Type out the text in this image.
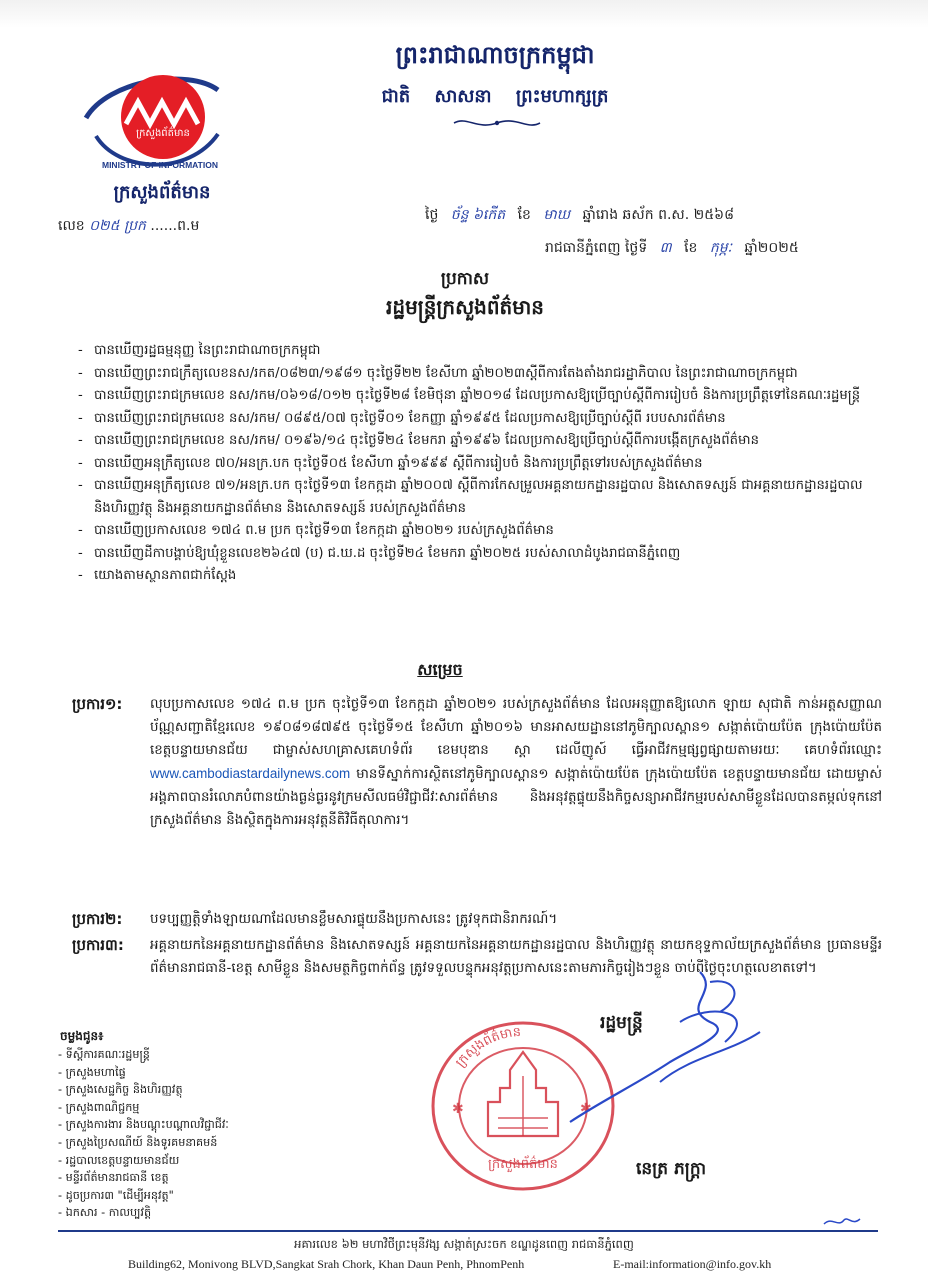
ក្រសួងព័ត៌មាន
MINISTRY OF INFORMATION
ក្រសួងព័ត៌មាន
លេខ ០២៥ ប្រក ......ព.ម
ព្រះរាជាណាចក្រកម្ពុជា
ជាតិ សាសនា ព្រះមហាក្សត្រ
ថ្ងៃ ច័ន្ទ ៦កើត ខែ មាឃ ឆ្នាំរោង ឆស័ក ព.ស. ២៥៦៨
រាជធានីភ្នំពេញ ថ្ងៃទី ៣ ខែ កុម្ភៈ ឆ្នាំ២០២៥
ប្រកាស
រដ្ឋមន្ត្រីក្រសួងព័ត៌មាន
- បានឃើញរដ្ឋធម្មនុញ្ញ នៃព្រះរាជាណាចក្រកម្ពុជា
- បានឃើញព្រះរាជក្រឹត្យលេខនស/រកត/០៨២៣/១៩៨១ ចុះថ្ងៃទី២២ ខែសីហា ឆ្នាំ២០២៣ស្តីពីការតែងតាំងរាជរដ្ឋាភិបាល នៃព្រះរាជាណាចក្រកម្ពុជា
- បានឃើញព្រះរាជក្រមលេខ នស/រកម/០៦១៨/០១២ ចុះថ្ងៃទី២៨ ខែមិថុនា ឆ្នាំ២០១៨ ដែលប្រកាសឱ្យប្រើច្បាប់ស្តីពីការរៀបចំ និងការប្រព្រឹត្តទៅនៃគណៈរដ្ឋមន្ត្រី
- បានឃើញព្រះរាជក្រមលេខ នស/រកម/ ០៨៩៥/០៧ ចុះថ្ងៃទី០១ ខែកញ្ញា ឆ្នាំ១៩៩៥ ដែលប្រកាសឱ្យប្រើច្បាប់ស្តីពី របបសារព័ត៌មាន
- បានឃើញព្រះរាជក្រមលេខ នស/រកម/ ០១៩៦/១៤ ចុះថ្ងៃទី២៤ ខែមករា ឆ្នាំ១៩៩៦ ដែលប្រកាសឱ្យប្រើច្បាប់ស្តីពីការបង្កើតក្រសួងព័ត៌មាន
- បានឃើញអនុក្រឹត្យលេខ ៧០/អនក្រ.បក ចុះថ្ងៃទី០៥ ខែសីហា ឆ្នាំ១៩៩៩ ស្តីពីការរៀបចំ និងការប្រព្រឹត្តទៅរបស់ក្រសួងព័ត៌មាន
- បានឃើញអនុក្រឹត្យលេខ ៧១/អនក្រ.បក ចុះថ្ងៃទី១៣ ខែកក្កដា ឆ្នាំ២០០៧ ស្តីពីការកែសម្រួលអគ្គនាយកដ្ឋានរដ្ឋបាល និងសោតទស្សន៍ ជាអគ្គនាយកដ្ឋានរដ្ឋបាល និងហិរញ្ញវត្ថុ និងអគ្គនាយកដ្ឋានព័ត៌មាន និងសោតទស្សន៍ របស់ក្រសួងព័ត៌មាន
- បានឃើញប្រកាសលេខ ១៧៤ ព.ម ប្រក ចុះថ្ងៃទី១៣ ខែកក្កដា ឆ្នាំ២០២១ របស់ក្រសួងព័ត៌មាន
- បានឃើញដីកាបង្គាប់ឱ្យឃុំខ្លួនលេខ២៦៤៧ (ប) ជ.ឃ.ដ ចុះថ្ងៃទី២៤ ខែមករា ឆ្នាំ២០២៥ របស់សាលាដំបូងរាជធានីភ្នំពេញ
- យោងតាមស្ថានភាពជាក់ស្តែង
សម្រេច
ប្រការ១: លុបប្រកាសលេខ ១៧៤ ព.ម ប្រក ចុះថ្ងៃទី១៣ ខែកក្កដា ឆ្នាំ២០២១ របស់ក្រសួងព័ត៌មាន ដែលអនុញ្ញាតឱ្យលោក ឡាយ សុជាតិ កាន់អត្តសញ្ញាណប័ណ្ណសញ្ជាតិខ្មែរលេខ ១៩០៨១៨៧៩៥ ចុះថ្ងៃទី១៥ ខែសីហា ឆ្នាំ២០១៦ មានអាសយដ្ឋាននៅភូមិក្បាលស្ពាន១ សង្កាត់ប៉ោយប៉ែត ក្រុងប៉ោយប៉ែត ខេត្តបន្ទាយមានជ័យ ជាម្ចាស់សហគ្រាសគេហទំព័រ ខេមបុឌាន ស្តា ដេលីញូស៍ ធ្វើអាជីវកម្មផ្សព្វផ្សាយតាមរយៈ គេហទំព័រឈ្មោះ www.cambodiastardailynews.com មានទីស្នាក់ការស្ថិតនៅភូមិក្បាលស្ពាន១ សង្កាត់ប៉ោយប៉ែត ក្រុងប៉ោយប៉ែត ខេត្តបន្ទាយមានជ័យ ដោយម្ចាស់អង្គភាពបានរំលោភបំពានយ៉ាងធ្ងន់ធ្ងរនូវក្រមសីលធម៌វិជ្ជាជីវៈសារព័ត៌មាន និងអនុវត្តផ្ទុយនឹងកិច្ចសន្យាអាជីវកម្មរបស់សាមីខ្លួនដែលបានតម្កល់ទុកនៅក្រសួងព័ត៌មាន និងស្ថិតក្នុងការអនុវត្តនីតិវិធីតុលាការ។
ប្រការ២: បទប្បញ្ញត្តិទាំងឡាយណាដែលមានខ្លឹមសារផ្ទុយនឹងប្រកាសនេះ ត្រូវទុកជានិរាករណ៍។
ប្រការ៣: អគ្គនាយកនៃអគ្គនាយកដ្ឋានព័ត៌មាន និងសោតទស្សន៍ អគ្គនាយកនៃអគ្គនាយកដ្ឋានរដ្ឋបាល និងហិរញ្ញវត្ថុ នាយកខុទ្ទកាល័យក្រសួងព័ត៌មាន ប្រធានមន្ទីរព័ត៌មានរាជធានី-ខេត្ត សាមីខ្លួន និងសមត្ថកិច្ចពាក់ព័ន្ធ ត្រូវទទួលបន្ទុកអនុវត្តប្រកាសនេះតាមភារកិច្ចរៀងៗខ្លួន ចាប់ពីថ្ងៃចុះហត្ថលេខាតទៅ។
ចម្លងជូន៖
- ទីស្តីការគណៈរដ្ឋមន្ត្រី
- ក្រសួងមហាផ្ទៃ
- ក្រសួងសេដ្ឋកិច្ច និងហិរញ្ញវត្ថុ
- ក្រសួងពាណិជ្ជកម្ម
- ក្រសួងការងារ និងបណ្តុះបណ្តាលវិជ្ជាជីវៈ
- ក្រសួងប្រៃសណីយ៍ និងទូរគមនាគមន៍
- រដ្ឋបាលខេត្តបន្ទាយមានជ័យ
- មន្ទីរព័ត៌មានរាជធានី ខេត្ត
- ដូចប្រការ៣ "ដើម្បីអនុវត្ត"
- ឯកសារ - កាលប្បវត្តិ
ក្រសួងព័ត៌មាន
✱	✱
ក្រសួងព័ត៌មាន
រដ្ឋមន្ត្រី
នេត្រ ភក្ត្រា
អគារលេខ ៦២ មហាវិថីព្រះមុនីវង្ស សង្កាត់ស្រះចក ខណ្ឌដូនពេញ រាជធានីភ្នំពេញ
Building62, Monivong BLVD,Sangkat Srah Chork, Khan Daun Penh, PhnomPenh	E-mail:information@info.gov.kh
